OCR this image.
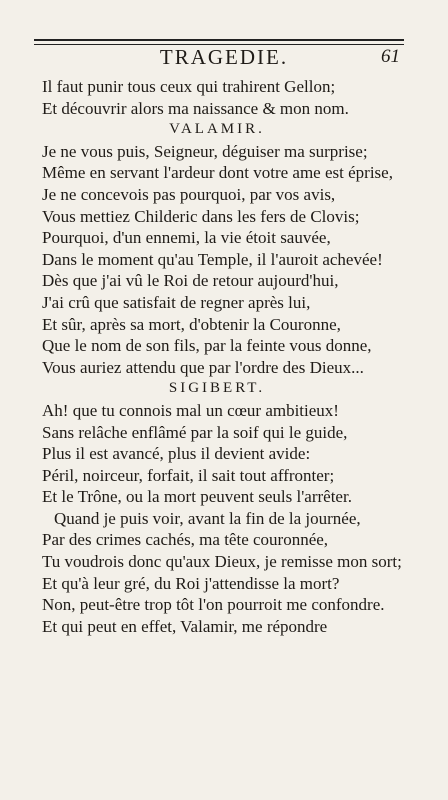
TRAGEDIE.	61
Il faut punir tous ceux qui trahirent Gellon;
Et découvrir alors ma naissance & mon nom.
VALAMIR.
Je ne vous puis, Seigneur, déguiser ma surprise;
Même en servant l'ardeur dont votre ame est éprise,
Je ne concevois pas pourquoi, par vos avis,
Vous mettiez Childeric dans les fers de Clovis;
Pourquoi, d'un ennemi, la vie étoit sauvée,
Dans le moment qu'au Temple, il l'auroit achevée!
Dès que j'ai vû le Roi de retour aujourd'hui,
J'ai crû que satisfait de regner après lui,
Et sûr, après sa mort, d'obtenir la Couronne,
Que le nom de son fils, par la feinte vous donne,
Vous auriez attendu que par l'ordre des Dieux...
SIGIBERT.
Ah! que tu connois mal un cœur ambitieux!
Sans relâche enflâmé par la soif qui le guide,
Plus il est avancé, plus il devient avide:
Péril, noirceur, forfait, il sait tout affronter;
Et le Trône, ou la mort peuvent seuls l'arrêter.
Quand je puis voir, avant la fin de la journée,
Par des crimes cachés, ma tête couronnée,
Tu voudrois donc qu'aux Dieux, je remisse mon sort;
Et qu'à leur gré, du Roi j'attendisse la mort?
Non, peut-être trop tôt l'on pourroit me confondre.
Et qui peut en effet, Valamir, me répondre
